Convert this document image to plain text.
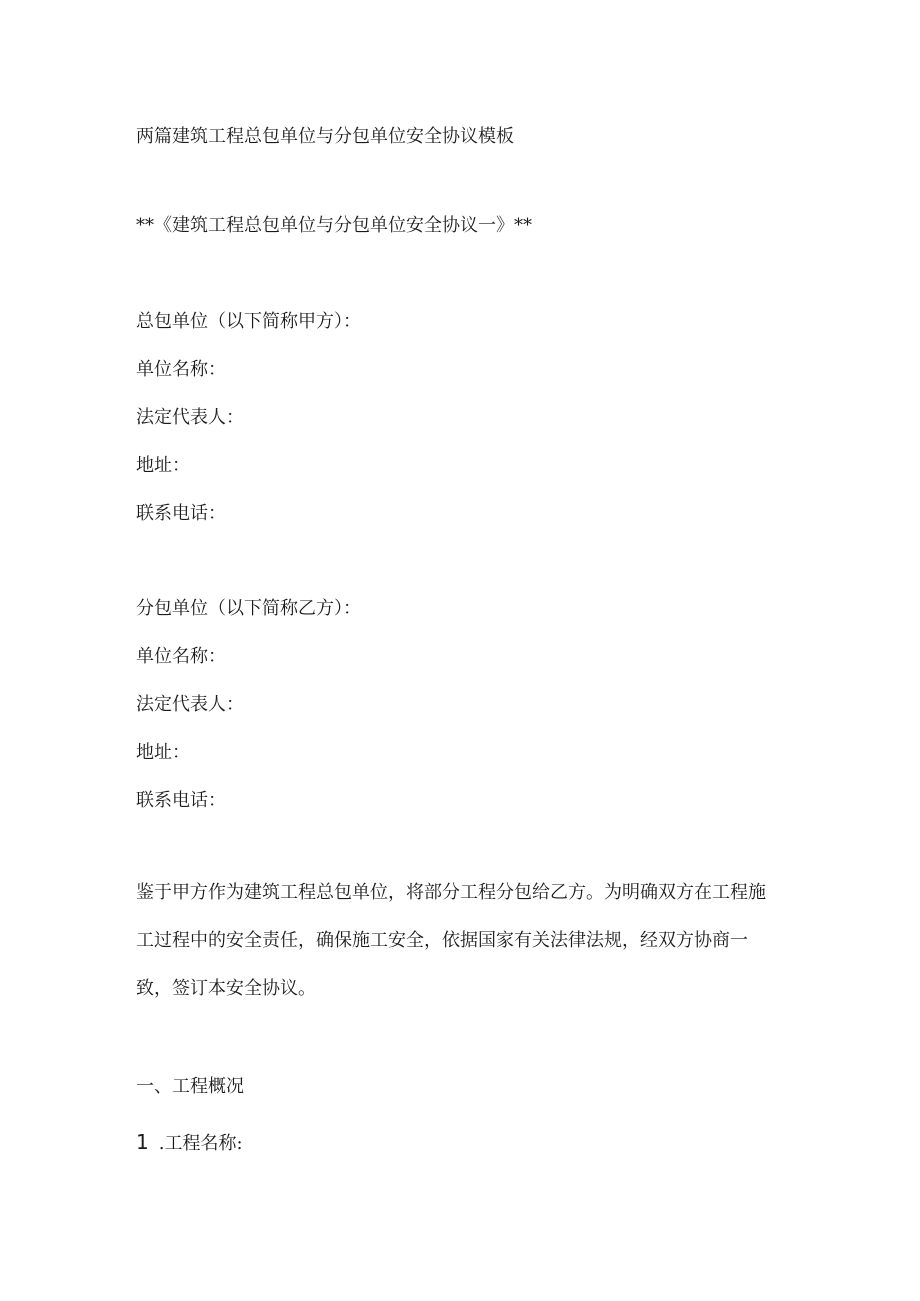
两篇建筑工程总包单位与分包单位安全协议模板
**《建筑工程总包单位与分包单位安全协议一》**
总包单位（以下简称甲方）：
单位名称：
法定代表人：
地址：
联系电话：
分包单位（以下简称乙方）：
单位名称：
法定代表人：
地址：
联系电话：
鉴于甲方作为建筑工程总包单位，将部分工程分包给乙方。为明确双方在工程施工过程中的安全责任，确保施工安全，依据国家有关法律法规，经双方协商一致，签订本安全协议。
一、工程概况
1 .工程名称:
